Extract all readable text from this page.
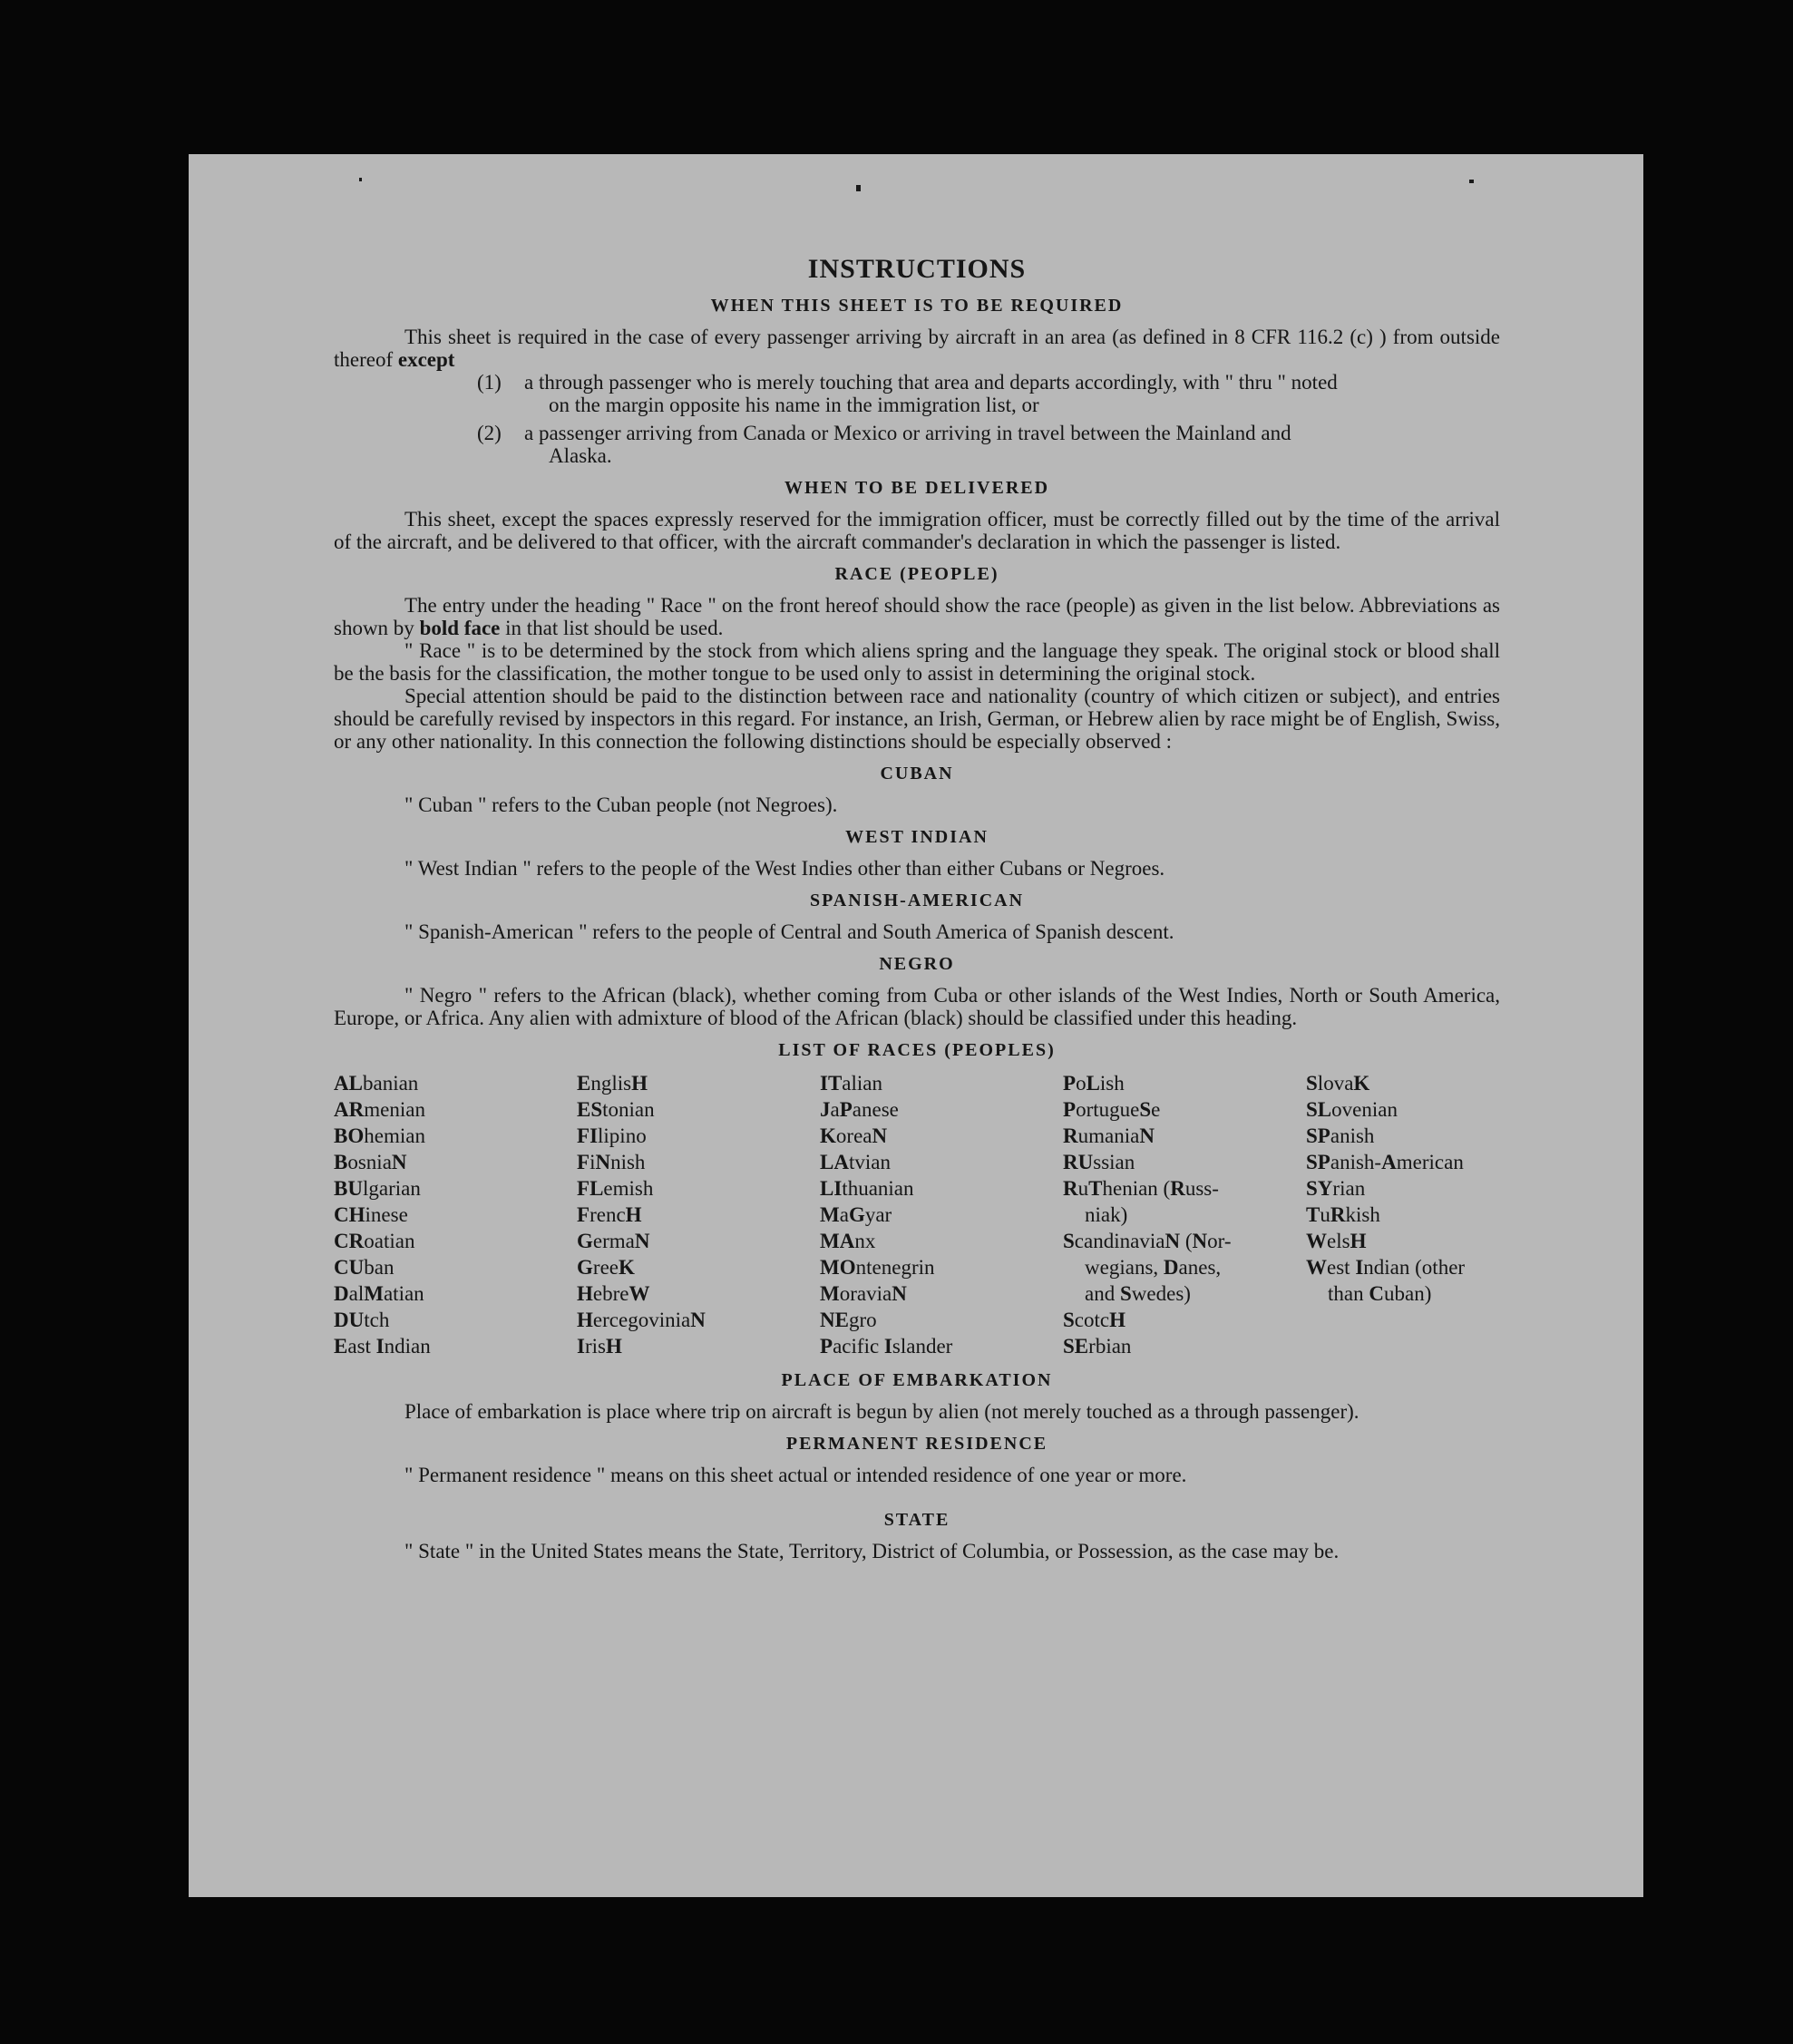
INSTRUCTIONS
WHEN THIS SHEET IS TO BE REQUIRED

This sheet is required in the case of every passenger arriving by aircraft in an area (as defined in 8 CFR 116.2 (c) ) from outside thereof except

(1)	a through passenger who is merely touching that area and departs accordingly, with " thru " noted
on the margin opposite his name in the immigration list, or
(2)	a passenger arriving from Canada or Mexico or arriving in travel between the Mainland and
Alaska.
WHEN TO BE DELIVERED

This sheet, except the spaces expressly reserved for the immigration officer, must be correctly filled out by the time of the arrival of the aircraft, and be delivered to that officer, with the aircraft commander's declaration in which the passenger is listed.

RACE (PEOPLE)

The entry under the heading " Race " on the front hereof should show the race (people) as given in the list below. Abbreviations as shown by bold face in that list should be used.

" Race " is to be determined by the stock from which aliens spring and the language they speak. The original stock or blood shall be the basis for the classification, the mother tongue to be used only to assist in determining the original stock.

Special attention should be paid to the distinction between race and nationality (country of which citizen or subject), and entries should be carefully revised by inspectors in this regard. For instance, an Irish, German, or Hebrew alien by race might be of English, Swiss, or any other nationality. In this connection the following distinctions should be especially observed :

CUBAN

" Cuban " refers to the Cuban people (not Negroes).

WEST INDIAN

" West Indian " refers to the people of the West Indies other than either Cubans or Negroes.

SPANISH-AMERICAN

" Spanish-American " refers to the people of Central and South America of Spanish descent.

NEGRO

" Negro " refers to the African (black), whether coming from Cuba or other islands of the West Indies, North or South America, Europe, or Africa. Any alien with admixture of blood of the African (black) should be classified under this heading.

LIST OF RACES (PEOPLES)
ALbanian
ARmenian
BOhemian
BosniaN
BUlgarian
CHinese
CRoatian
CUban
DalMatian
DUtch
East Indian
EnglisH
EStonian
FIlipino
FiNnish
FLemish
FrencH
GermaN
GreeK
HebreW
HercegoviniaN
IrisH
ITalian
JaPanese
KoreaN
LAtvian
LIthuanian
MaGyar
MAnx
MOntenegrin
MoraviaN
NEgro
Pacific Islander
PoLish
PortugueSe
RumaniaN
RUssian
RuThenian (Russ-
niak)
ScandinaviaN (Nor-
wegians, Danes,
and Swedes)
ScotcH
SErbian
SlovaK
SLovenian
SPanish
SPanish-American
SYrian
TuRkish
WelsH
West Indian (other
than Cuban)
PLACE OF EMBARKATION

Place of embarkation is place where trip on aircraft is begun by alien (not merely touched as a through passenger).

PERMANENT RESIDENCE

" Permanent residence " means on this sheet actual or intended residence of one year or more.

STATE

" State " in the United States means the State, Territory, District of Columbia, or Possession, as the case may be.
